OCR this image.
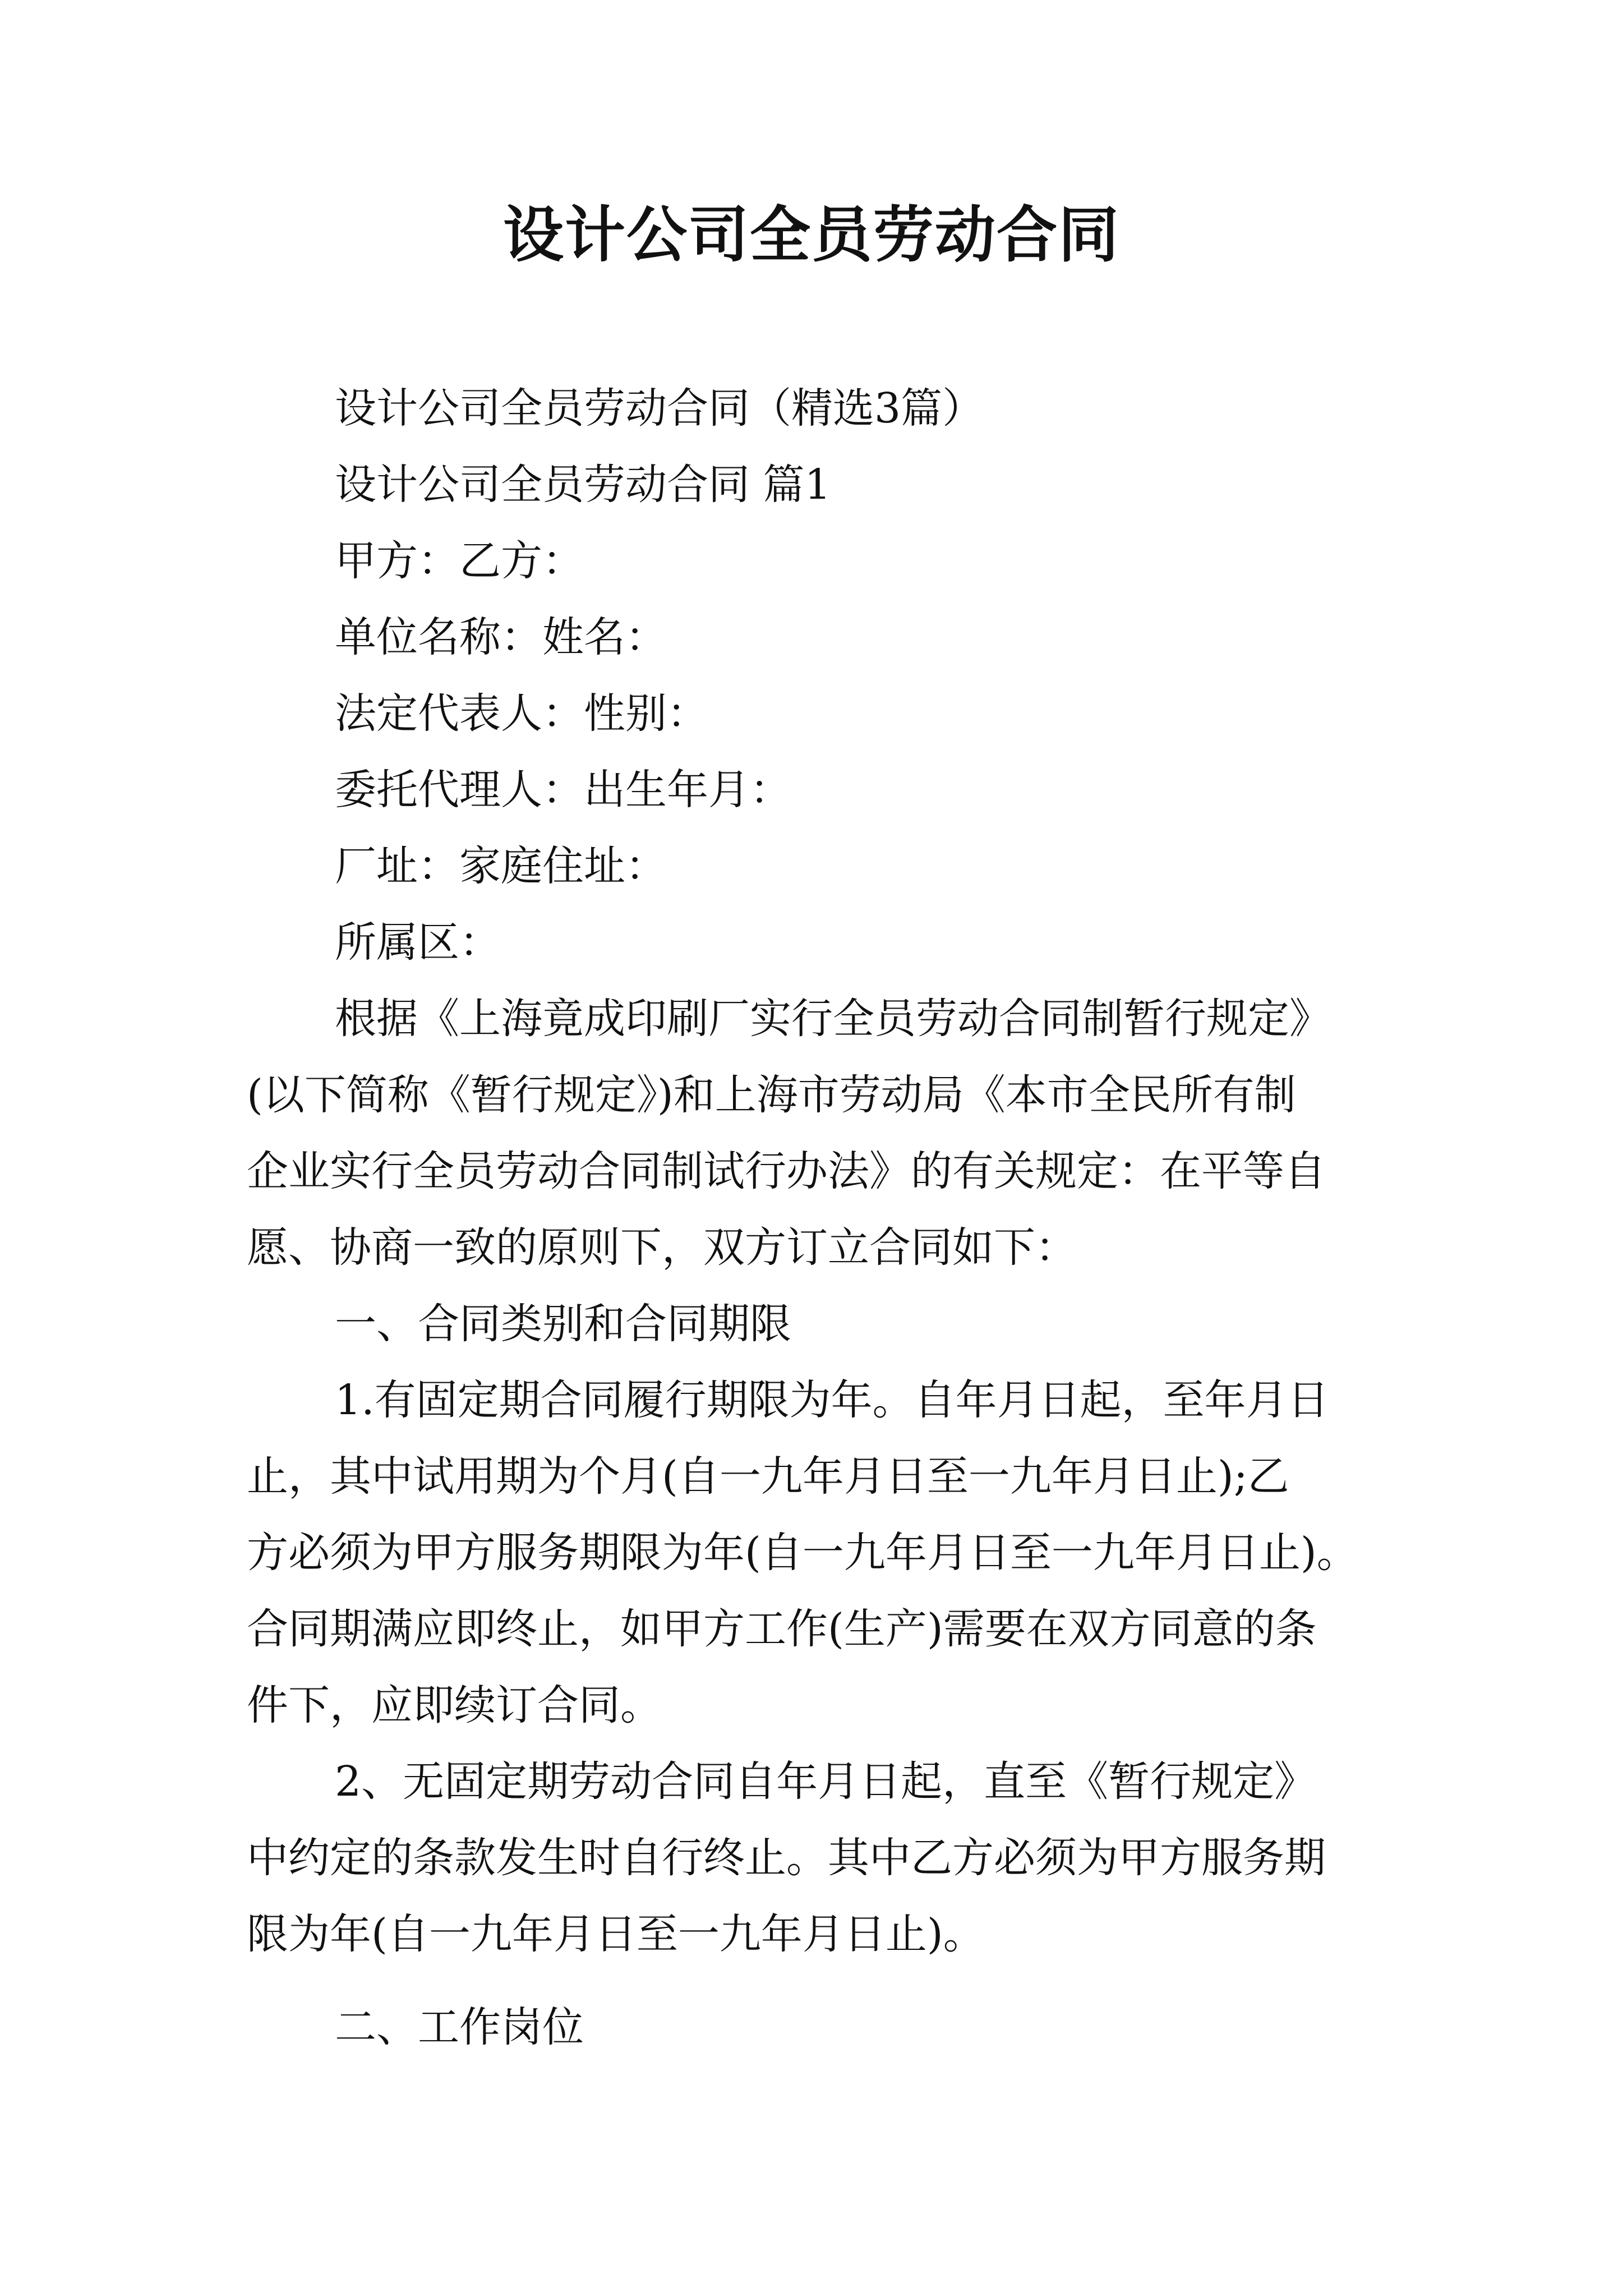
设计公司全员劳动合同

设计公司全员劳动合同（精选3篇）

设计公司全员劳动合同 篇1

甲方：乙方：

单位名称：姓名：

法定代表人：性别：

委托代理人：出生年月：

厂址：家庭住址：

所属区：

根据《上海竟成印刷厂实行全员劳动合同制暂行规定》

(以下简称《暂行规定》)和上海市劳动局《本市全民所有制

企业实行全员劳动合同制试行办法》的有关规定：在平等自

愿、协商一致的原则下，双方订立合同如下：

一、合同类别和合同期限

1.有固定期合同履行期限为年。自年月日起，至年月日

止，其中试用期为个月(自一九年月日至一九年月日止);乙

方必须为甲方服务期限为年(自一九年月日至一九年月日止)。

合同期满应即终止，如甲方工作(生产)需要在双方同意的条

件下，应即续订合同。

2、无固定期劳动合同自年月日起，直至《暂行规定》

中约定的条款发生时自行终止。其中乙方必须为甲方服务期

限为年(自一九年月日至一九年月日止)。

二、工作岗位
